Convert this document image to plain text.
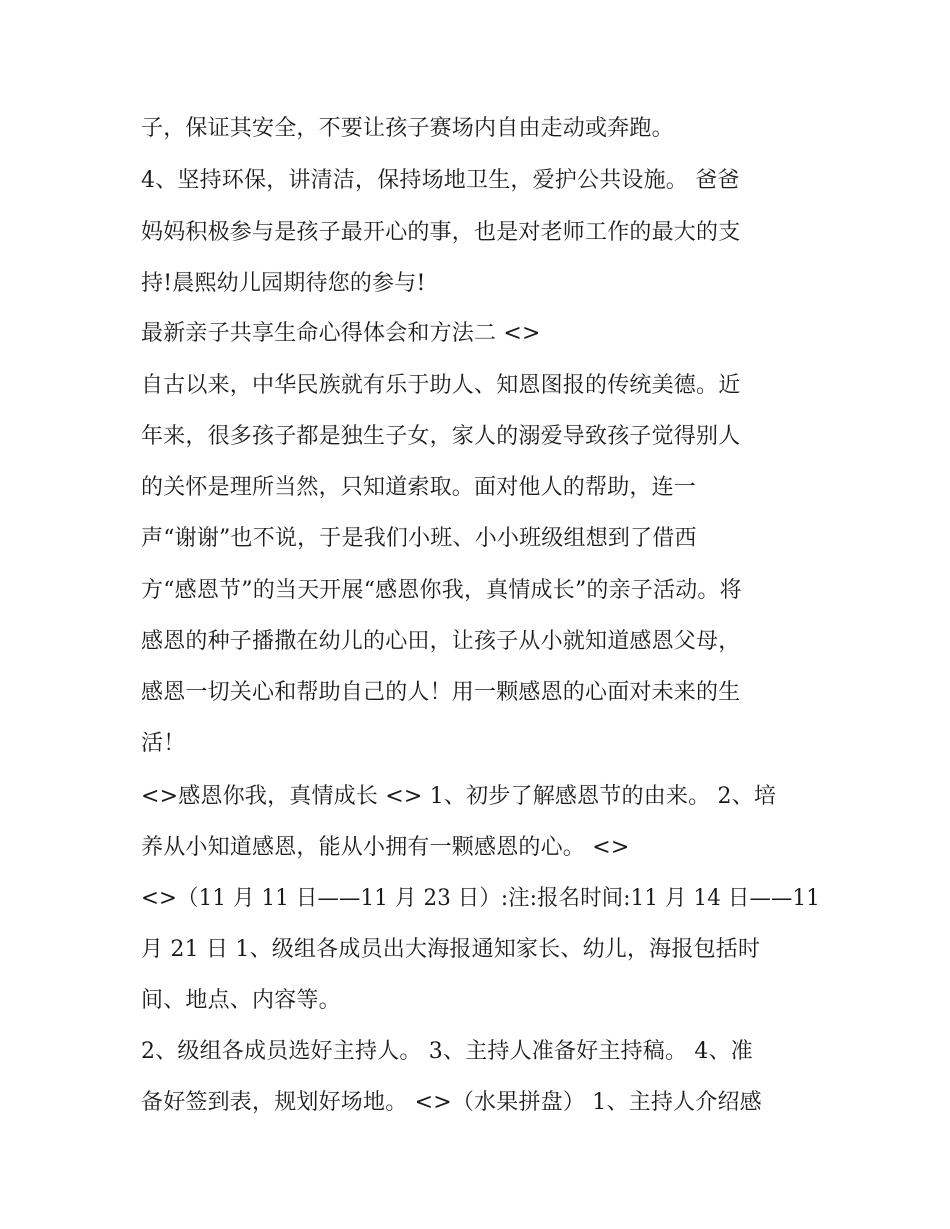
子，保证其安全，不要让孩子赛场内自由走动或奔跑。
4、坚持环保，讲清洁，保持场地卫生，爱护公共设施。 爸爸
妈妈积极参与是孩子最开心的事，也是对老师工作的最大的支
持!晨熙幼儿园期待您的参与!
最新亲子共享生命心得体会和方法二 <>
自古以来，中华民族就有乐于助人、知恩图报的传统美德。近
年来，很多孩子都是独生子女，家人的溺爱导致孩子觉得别人
的关怀是理所当然，只知道索取。面对他人的帮助，连一
声“谢谢”也不说，于是我们小班、小小班级组想到了借西
方“感恩节”的当天开展“感恩你我，真情成长”的亲子活动。将
感恩的种子播撒在幼儿的心田，让孩子从小就知道感恩父母，
感恩一切关心和帮助自己的人！用一颗感恩的心面对未来的生
活！
<>感恩你我，真情成长 <> 1、初步了解感恩节的由来。 2、培
养从小知道感恩，能从小拥有一颗感恩的心。 <>
<>（11 月 11 日——11 月 23 日）:注:报名时间:11 月 14 日——11
月 21 日 1、级组各成员出大海报通知家长、幼儿，海报包括时
间、地点、内容等。
2、级组各成员选好主持人。 3、主持人准备好主持稿。 4、准
备好签到表，规划好场地。 <>（水果拼盘） 1、主持人介绍感
